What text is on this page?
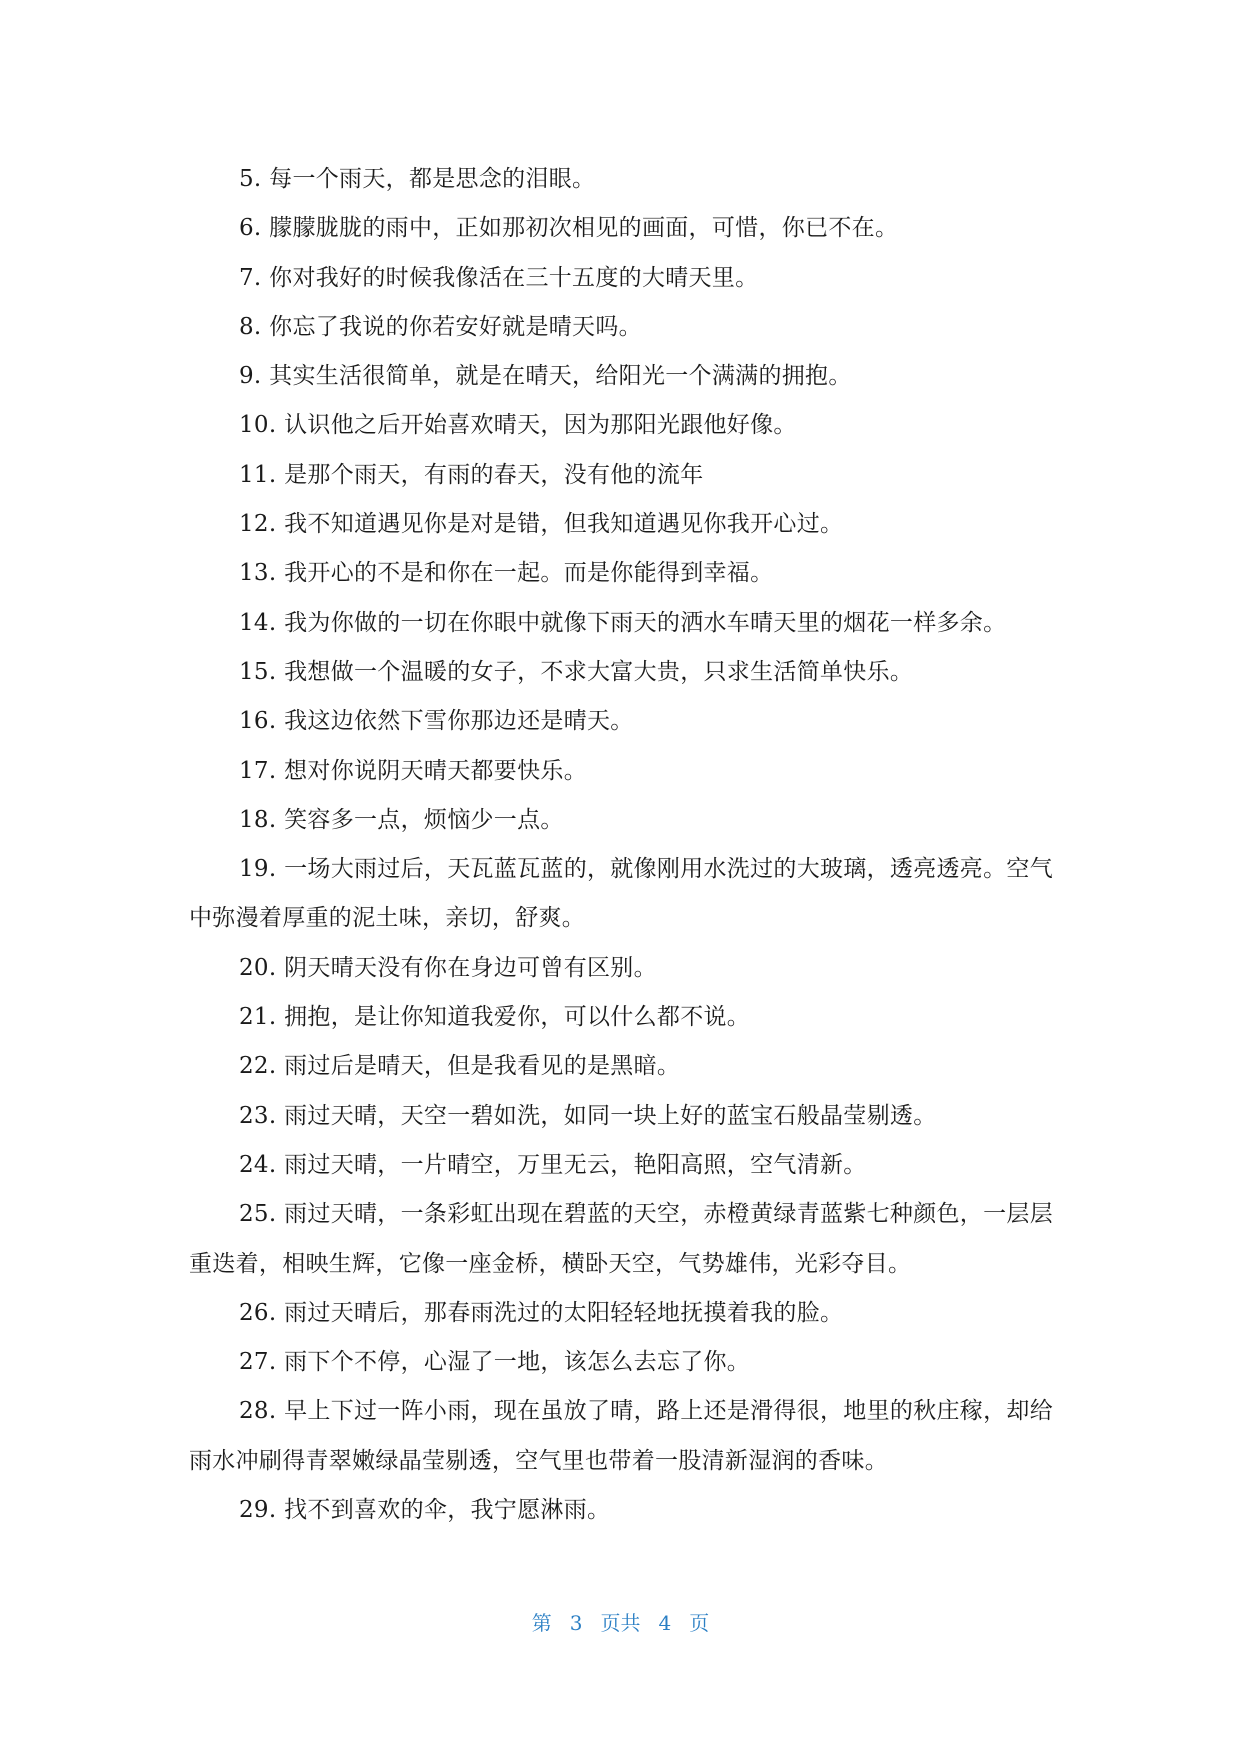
5. 每一个雨天，都是思念的泪眼。

6. 朦朦胧胧的雨中，正如那初次相见的画面，可惜，你已不在。

7. 你对我好的时候我像活在三十五度的大晴天里。

8. 你忘了我说的你若安好就是晴天吗。

9. 其实生活很简单，就是在晴天，给阳光一个满满的拥抱。

10. 认识他之后开始喜欢晴天，因为那阳光跟他好像。

11. 是那个雨天，有雨的春天，没有他的流年

12. 我不知道遇见你是对是错，但我知道遇见你我开心过。

13. 我开心的不是和你在一起。而是你能得到幸福。

14. 我为你做的一切在你眼中就像下雨天的洒水车晴天里的烟花一样多余。

15. 我想做一个温暖的女子，不求大富大贵，只求生活简单快乐。

16. 我这边依然下雪你那边还是晴天。

17. 想对你说阴天晴天都要快乐。

18. 笑容多一点，烦恼少一点。

19. 一场大雨过后，天瓦蓝瓦蓝的，就像刚用水洗过的大玻璃，透亮透亮。空气中弥漫着厚重的泥土味，亲切，舒爽。

20. 阴天晴天没有你在身边可曾有区别。

21. 拥抱，是让你知道我爱你，可以什么都不说。

22. 雨过后是晴天，但是我看见的是黑暗。

23. 雨过天晴，天空一碧如洗，如同一块上好的蓝宝石般晶莹剔透。

24. 雨过天晴，一片晴空，万里无云，艳阳高照，空气清新。

25. 雨过天晴，一条彩虹出现在碧蓝的天空，赤橙黄绿青蓝紫七种颜色，一层层重迭着，相映生辉，它像一座金桥，横卧天空，气势雄伟，光彩夺目。

26. 雨过天晴后，那春雨洗过的太阳轻轻地抚摸着我的脸。

27. 雨下个不停，心湿了一地，该怎么去忘了你。

28. 早上下过一阵小雨，现在虽放了晴，路上还是滑得很，地里的秋庄稼，却给雨水冲刷得青翠嫩绿晶莹剔透，空气里也带着一股清新湿润的香味。

29. 找不到喜欢的伞，我宁愿淋雨。

第 3 页共 4 页
